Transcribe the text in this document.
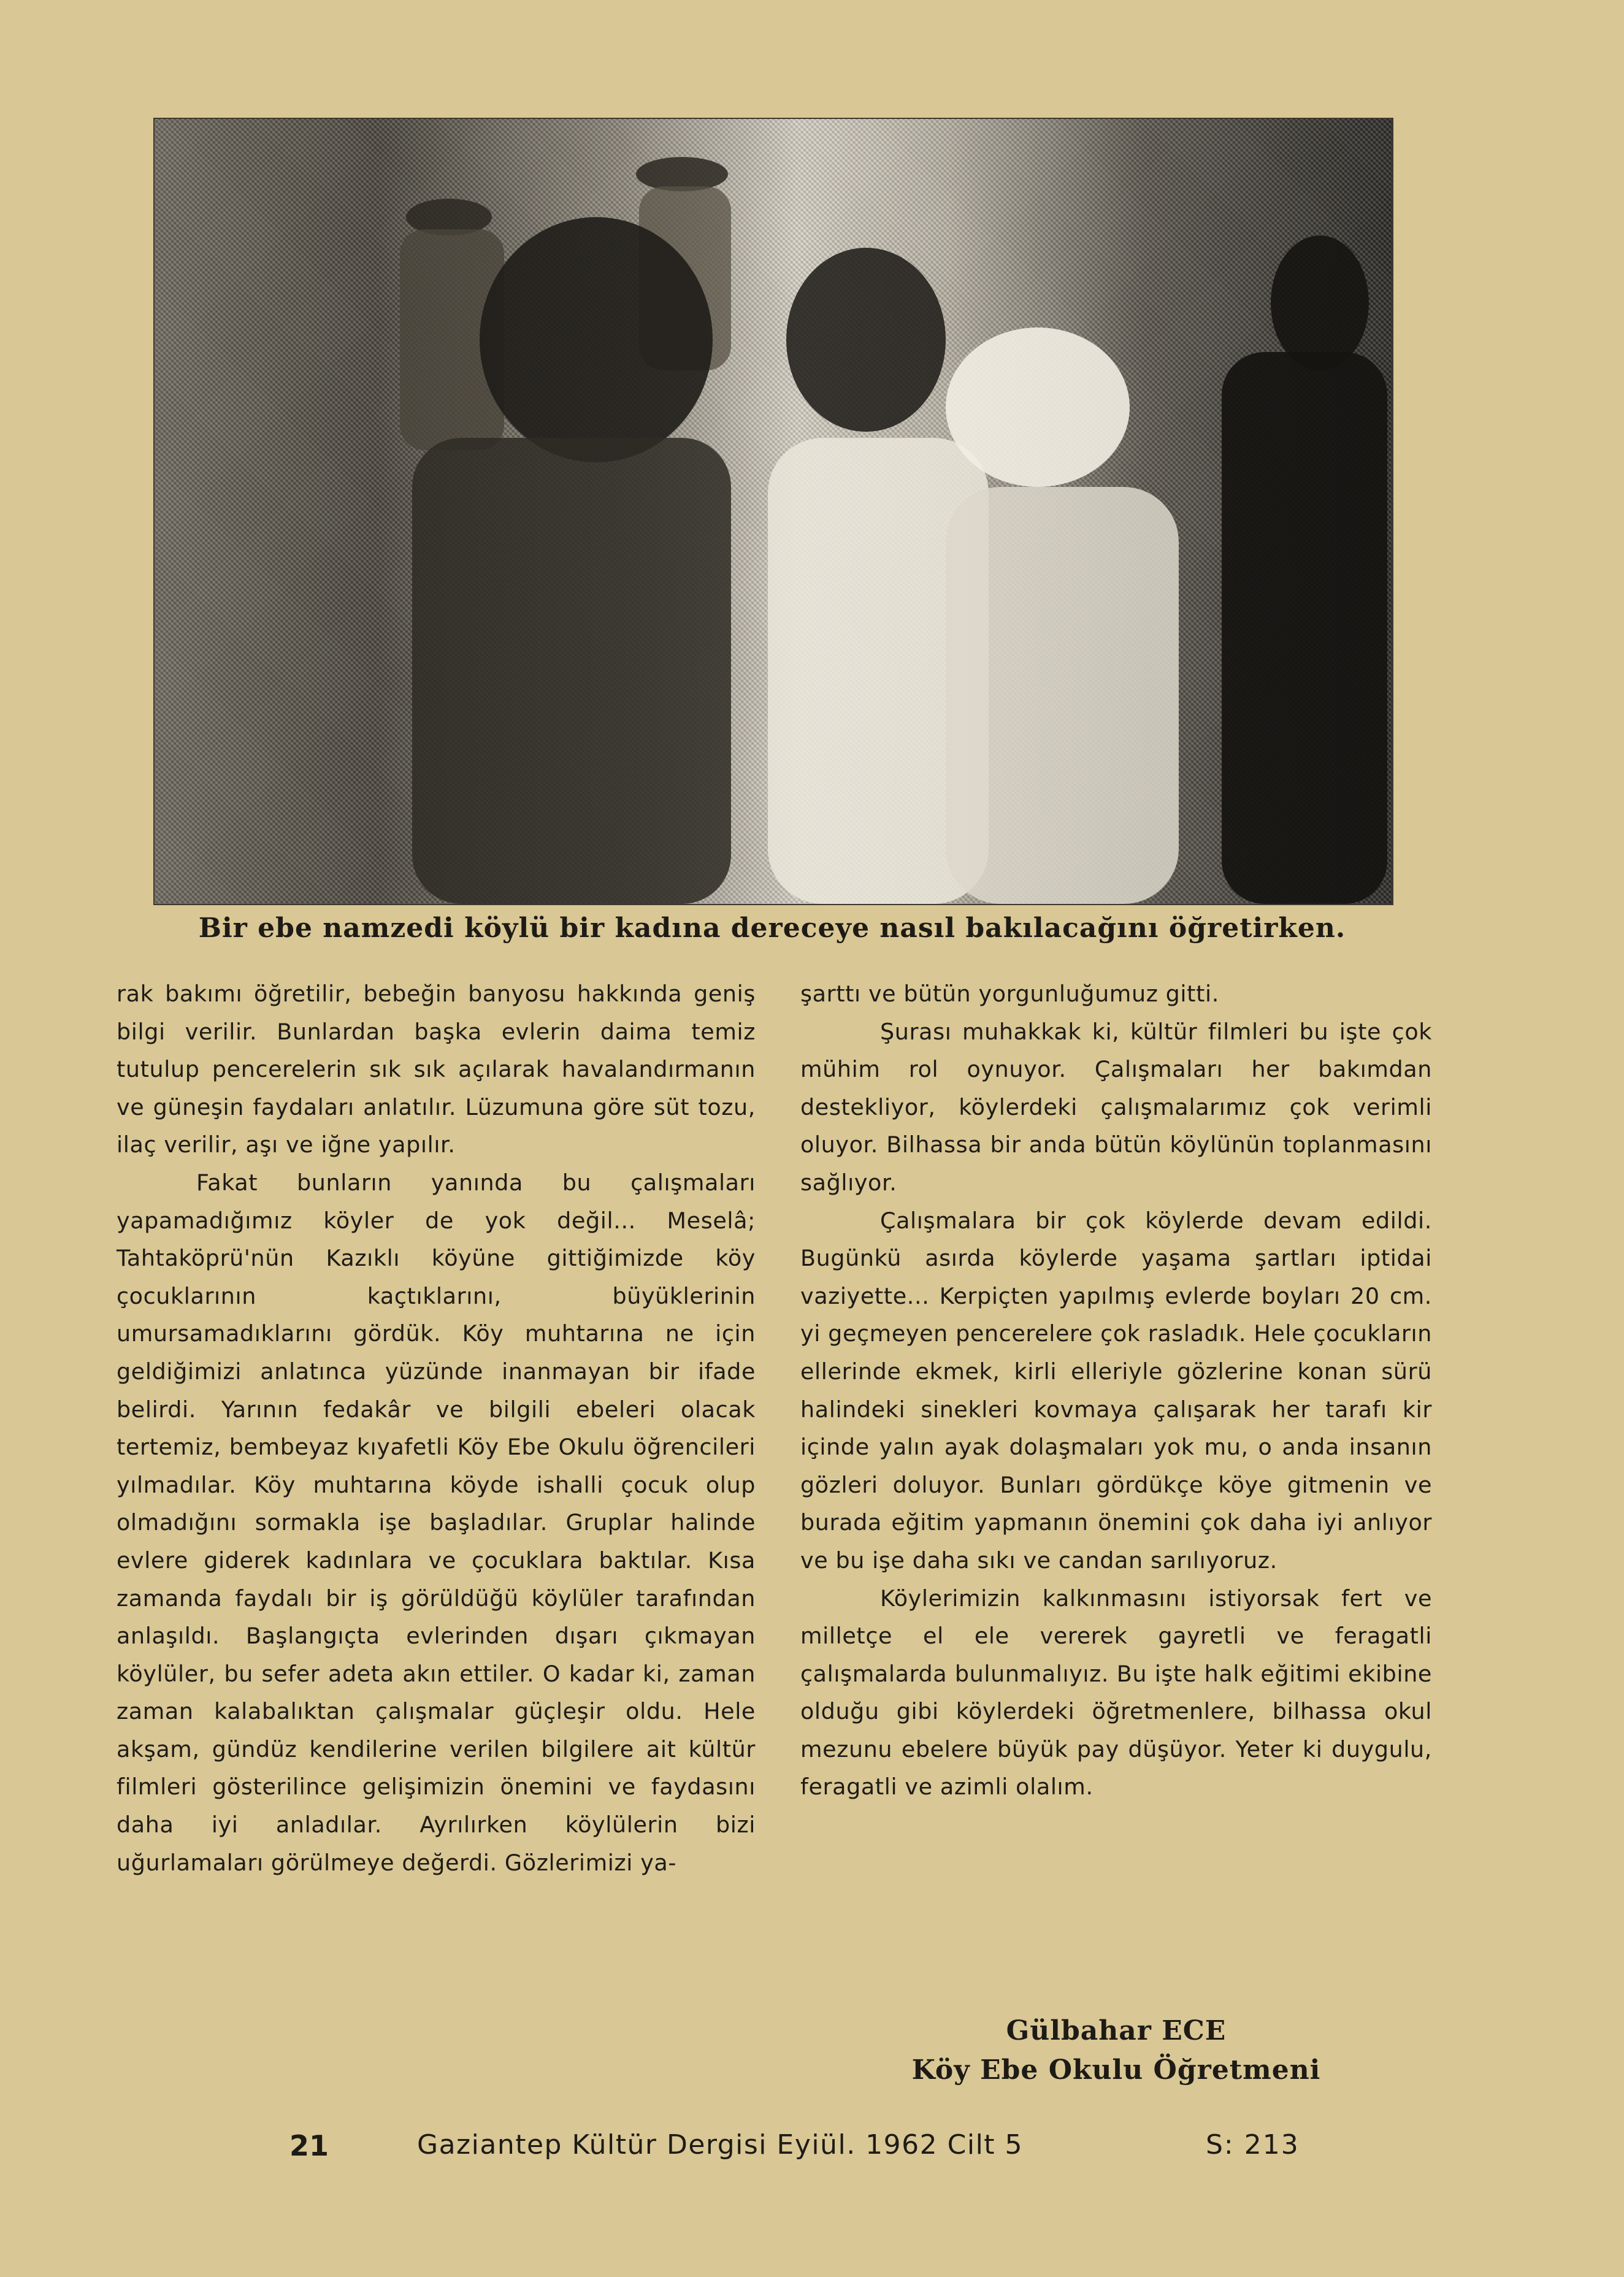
Bir ebe namzedi köylü bir kadına dereceye nasıl bakılacağını öğretirken.

rak bakımı öğretilir, bebeğin banyosu hakkında geniş bilgi verilir. Bunlardan başka evlerin daima temiz tutulup pencerelerin sık sık açılarak havalandırmanın ve güneşin faydaları anlatılır. Lüzumuna göre süt tozu, ilaç verilir, aşı ve iğne yapılır.

Fakat bunların yanında bu çalışmaları yapamadığımız köyler de yok değil... Meselâ; Tahtaköprü'nün Kazıklı köyüne gittiğimizde köy çocuklarının kaçtıklarını, büyüklerinin umursamadıklarını gördük. Köy muhtarına ne için geldiğimizi anlatınca yüzünde inanmayan bir ifade belirdi. Yarının fedakâr ve bilgili ebeleri olacak tertemiz, bembeyaz kıyafetli Köy Ebe Okulu öğrencileri yılmadılar. Köy muhtarına köyde ishalli çocuk olup olmadığını sormakla işe başladılar. Gruplar halinde evlere giderek kadınlara ve çocuklara baktılar. Kısa zamanda faydalı bir iş görüldüğü köylüler tarafından anlaşıldı. Başlangıçta evlerinden dışarı çıkmayan köylüler, bu sefer adeta akın ettiler. O kadar ki, zaman zaman kalabalıktan çalışmalar güçleşir oldu. Hele akşam, gündüz kendilerine verilen bilgilere ait kültür filmleri gösterilince gelişimizin önemini ve faydasını daha iyi anladılar. Ayrılırken köylülerin bizi uğurlamaları görülmeye değerdi. Gözlerimizi ya-

şarttı ve bütün yorgunluğumuz gitti.

Şurası muhakkak ki, kültür filmleri bu işte çok mühim rol oynuyor. Çalışmaları her bakımdan destekliyor, köylerdeki çalışmalarımız çok verimli oluyor. Bilhassa bir anda bütün köylünün toplanmasını sağlıyor.

Çalışmalara bir çok köylerde devam edildi. Bugünkü asırda köylerde yaşama şartları iptidai vaziyette... Kerpiçten yapılmış evlerde boyları 20 cm. yi geçmeyen pencerelere çok rasladık. Hele çocukların ellerinde ekmek, kirli elleriyle gözlerine konan sürü halindeki sinekleri kovmaya çalışarak her tarafı kir içinde yalın ayak dolaşmaları yok mu, o anda insanın gözleri doluyor. Bunları gördükçe köye gitmenin ve burada eğitim yapmanın önemini çok daha iyi anlıyor ve bu işe daha sıkı ve candan sarılıyoruz.

Köylerimizin kalkınmasını istiyorsak fert ve milletçe el ele vererek gayretli ve feragatli çalışmalarda bulunmalıyız. Bu işte halk eğitimi ekibine olduğu gibi köylerdeki öğretmenlere, bilhassa okul mezunu ebelere büyük pay düşüyor. Yeter ki duygulu, feragatli ve azimli olalım.

Gülbahar ECE
Köy Ebe Okulu Öğretmeni
21	Gaziantep Kültür Dergisi Eyiül. 1962 Cilt 5	S: 213
